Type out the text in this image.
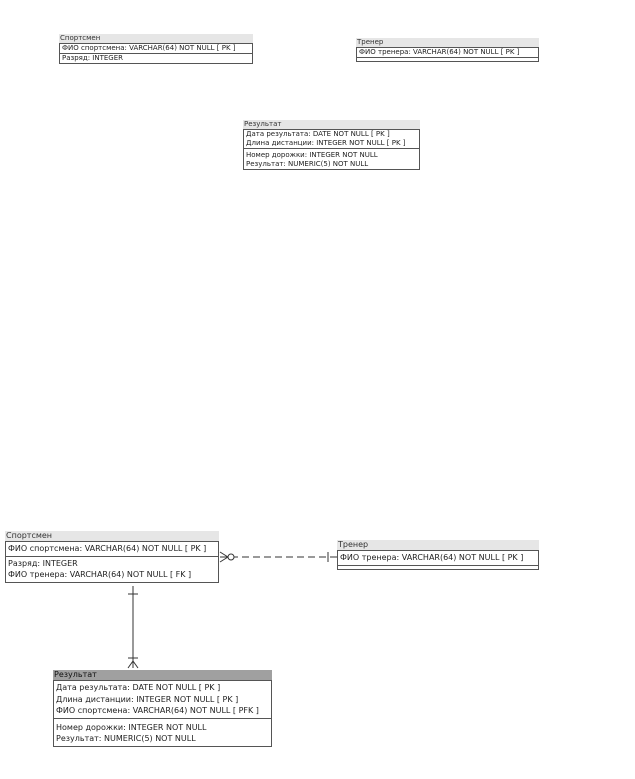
Спортсмен
ФИО спортсмена: VARCHAR(64) NOT NULL [ PK ]
Разряд: INTEGER
Тренер
ФИО тренера: VARCHAR(64) NOT NULL [ PK ]
Результат
Дата результата: DATE NOT NULL [ PK ]
Длина дистанции: INTEGER NOT NULL [ PK ]
Номер дорожки: INTEGER NOT NULL
Результат: NUMERIC(5) NOT NULL
Спортсмен
ФИО спортсмена: VARCHAR(64) NOT NULL [ PK ]
Разряд: INTEGER
ФИО тренера: VARCHAR(64) NOT NULL [ FK ]
Тренер
ФИО тренера: VARCHAR(64) NOT NULL [ PK ]
Результат
Дата результата: DATE NOT NULL [ PK ]
Длина дистанции: INTEGER NOT NULL [ PK ]
ФИО спортсмена: VARCHAR(64) NOT NULL [ PFK ]
Номер дорожки: INTEGER NOT NULL
Результат: NUMERIC(5) NOT NULL
